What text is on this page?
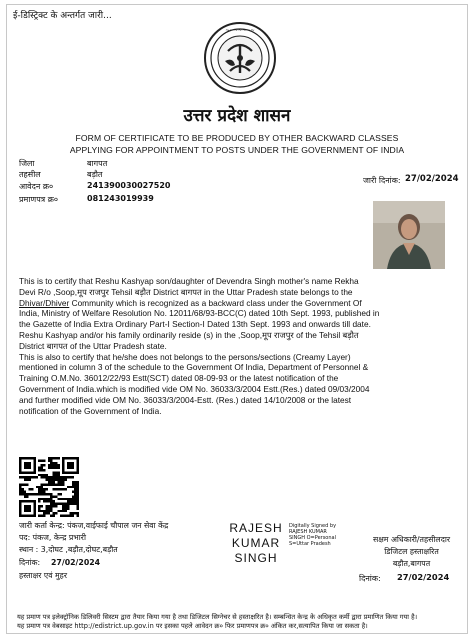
ई-डिस्ट्रिक्ट के अन्तर्गत जारी...
~~~~~~~
उत्तर प्रदेश शासन
FORM OF CERTIFICATE TO BE PRODUCED BY OTHER BACKWARD CLASSES
APPLYING FOR APPOINTMENT TO POSTS UNDER THE GOVERNMENT OF INDIA
जिला	बागपत
तहसील	बड़ौत
आवेदन क्र०	241390030027520
प्रमाणपत्र क्र०	081243019939
जारी दिनांक: 27/02/2024

This is to certify that Reshu Kashyap son/daughter of Devendra Singh mother's name Rekha

Devi R/o ,Soop,मूप राजपुर Tehsil बड़ौत District बागपत in the Uttar Pradesh state belongs to the

Dhivar/Dhiver Community which is recognized as a backward class under the Government Of

India, Ministry of Welfare Resolution No. 12011/68/93-BCC(C) dated 10th Sept. 1993, published in

the Gazette of India Extra Ordinary Part-I Section-I Dated 13th Sept. 1993 and onwards till date.

Reshu Kashyap and/or his family ordinarily reside (s) in the ,Soop,मूप राजपुर of the Tehsil बड़ौत

District बागपत of the Uttar Pradesh state.

This is also to certify that he/she does not belongs to the persons/sections (Creamy Layer)

mentioned in column 3 of the schedule to the Government Of India, Department of Personnel &

Training O.M.No. 36012/22/93 Estt(SCT) dated 08-09-93 or the latest notification of the

Government of India.which is modified vide OM No. 36033/3/2004 Estt.(Res.) dated 09/03/2004

and further modified vide OM No. 36033/3/2004-Estt. (Res.) dated 14/10/2008 or the latest

notification of the Government of India.

जारी कर्ता केन्द्र: पंकज,वाईफाई चौपाल जन सेवा केंद्र
पद: पंकज, केन्द्र प्रभारी
स्थान : 3,दोघट ,बड़ौत,दोघट,बड़ौत
दिनांक: 27/02/2024
हस्ताक्षर एवं मुहर
RAJESH
KUMAR
SINGH
Digitally Signed by
RAJESH KUMAR
SINGH O=Personal
S=Uttar Pradesh	सक्षम अधिकारी/तहसीलदार
डिजिटल हस्ताक्षरित
बड़ौत,बागपत
दिनांक: 27/02/2024
यह प्रमाण पत्र इलेक्ट्रॉनिक डिलिवरी सिस्टम द्वारा तैयार किया गया है तथा डिजिटल सिग्नेचर से हस्ताक्षरित है। सम्बन्धित केन्द्र के अधिकृत कर्मी द्वारा प्रमाणित किया गया है।
यह प्रमाण पत्र वेबसाइट http://edistrict.up.gov.in पर इसका पहले आवेदन क्र० फिर प्रमाणपत्र क्र० अंकित कर,सत्यापित किया जा सकता है।
